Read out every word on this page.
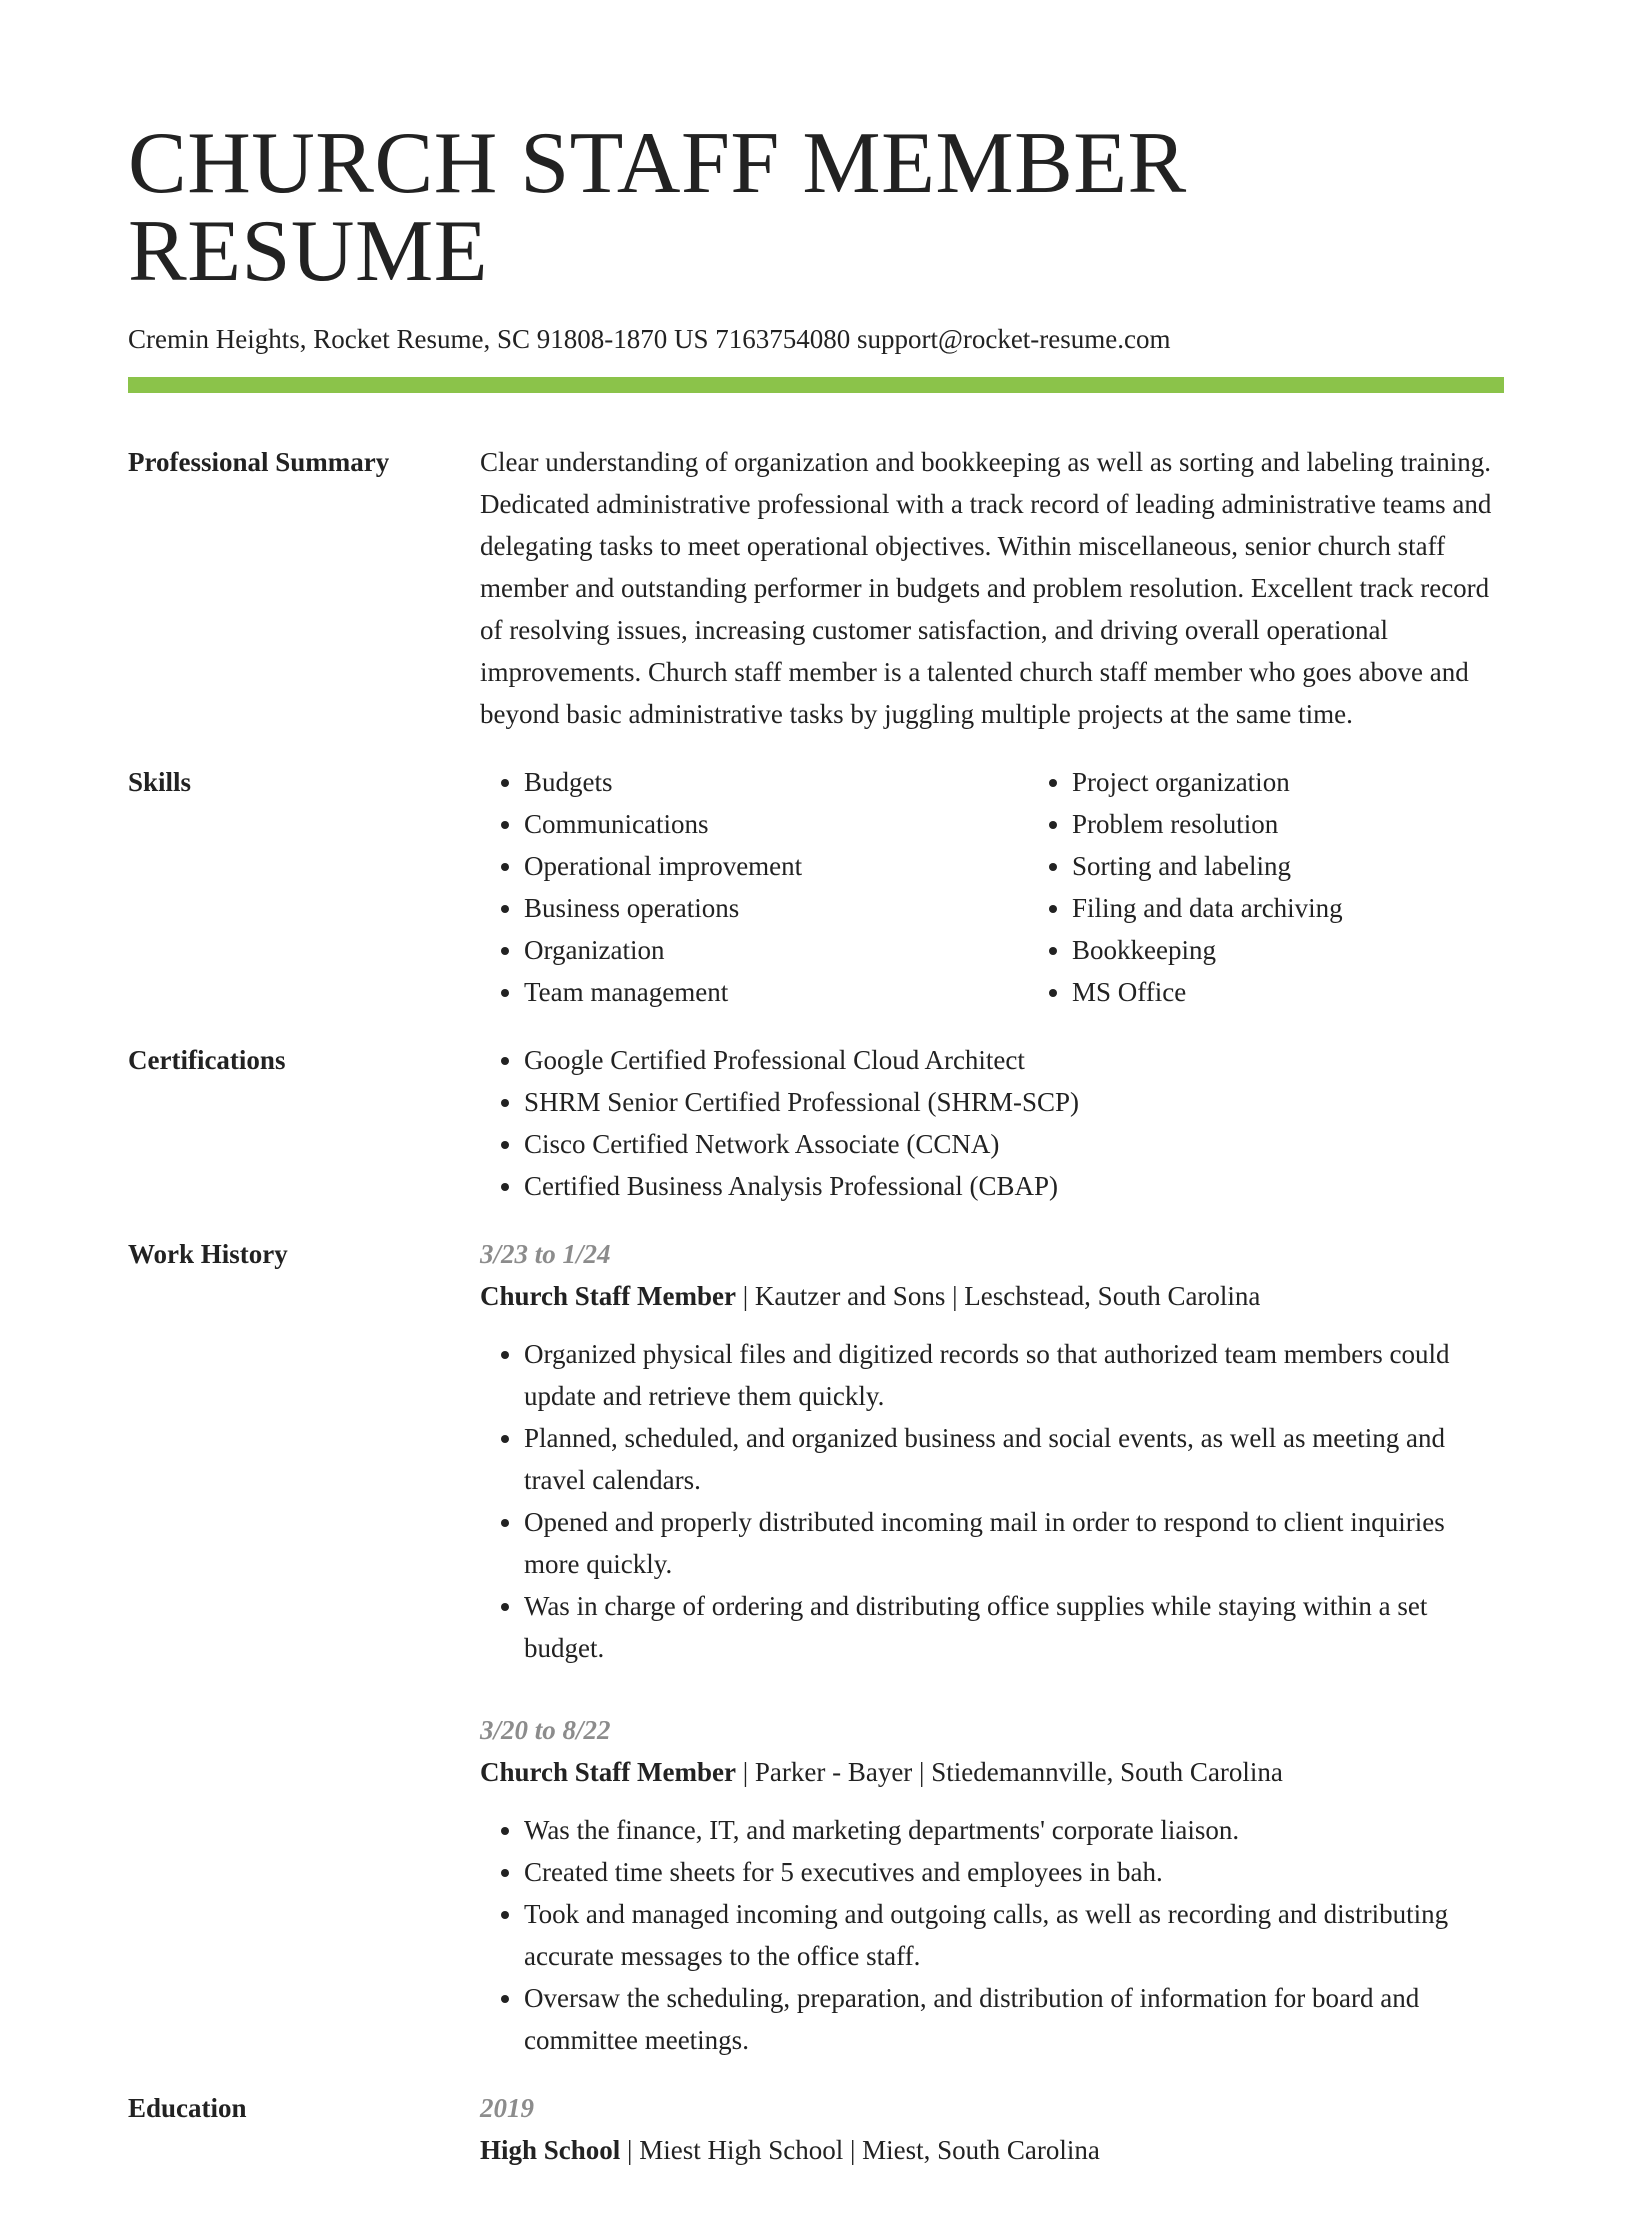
CHURCH STAFF MEMBER RESUME
Cremin Heights, Rocket Resume, SC 91808-1870 US 7163754080 support@rocket-resume.com
Professional Summary	Clear understanding of organization and bookkeeping as well as sorting and labeling training. Dedicated administrative professional with a track record of leading administrative teams and delegating tasks to meet operational objectives. Within miscellaneous, senior church staff member and outstanding performer in budgets and problem resolution. Excellent track record of resolving issues, increasing customer satisfaction, and driving overall operational improvements. Church staff member is a talented church staff member who goes above and beyond basic administrative tasks by juggling multiple projects at the same time.

Skills	• Budgets
• Communications
• Operational improvement
• Business operations
• Organization
• Team management
• Project organization
• Problem resolution
• Sorting and labeling
• Filing and data archiving
• Bookkeeping
• MS Office
Certifications	• Google Certified Professional Cloud Architect
• SHRM Senior Certified Professional (SHRM-SCP)
• Cisco Certified Network Associate (CCNA)
• Certified Business Analysis Professional (CBAP)
Work History	3/23 to 1/24
Church Staff Member | Kautzer and Sons | Leschstead, South Carolina
• Organized physical files and digitized records so that authorized team members could update and retrieve them quickly.
• Planned, scheduled, and organized business and social events, as well as meeting and travel calendars.
• Opened and properly distributed incoming mail in order to respond to client inquiries more quickly.
• Was in charge of ordering and distributing office supplies while staying within a set budget.
3/20 to 8/22
Church Staff Member | Parker - Bayer | Stiedemannville, South Carolina
• Was the finance, IT, and marketing departments' corporate liaison.
• Created time sheets for 5 executives and employees in bah.
• Took and managed incoming and outgoing calls, as well as recording and distributing accurate messages to the office staff.
• Oversaw the scheduling, preparation, and distribution of information for board and committee meetings.
Education	2019
High School | Miest High School | Miest, South Carolina
